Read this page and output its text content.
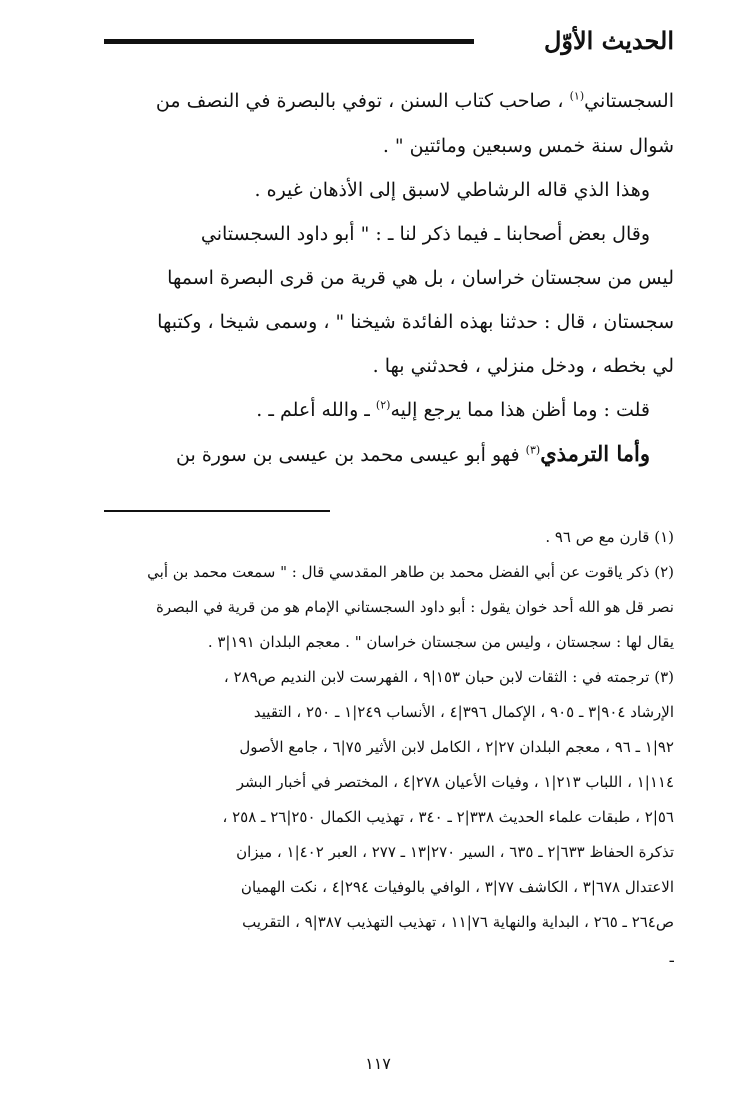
الحديث الأوّل

السجستاني$^{(١)}$ ، صاحب كتاب السنن ، توفي بالبصرة في النصف من

شوال سنة خمس وسبعين ومائتين " .

وهذا الذي قاله الرشاطي لاسبق إلى الأذهان غيره .

وقال بعض أصحابنا ـ فيما ذكر لنا ـ : " أبو داود السجستاني

ليس من سجستان خراسان ، بل هي قرية من قرى البصرة اسمها

سجستان ، قال : حدثنا بهذه الفائدة شيخنا " ، وسمى شيخا ، وكتبها

لي بخطه ، ودخل منزلي ، فحدثني بها .

قلت : وما أظن هذا مما يرجع إليه$^{(٢)}$ ـ والله أعلم ـ .

وأما الترمذي$^{(٣)}$ فهو أبو عيسى محمد بن عيسى بن سورة بن

(١) قارن مع ص ٩٦ .
(٢) ذكر ياقوت عن أبي الفضل محمد بن طاهر المقدسي قال : " سمعت محمد بن أبي
نصر قل هو الله أحد خوان يقول : أبو داود السجستاني الإمام هو من قرية في البصرة
يقال لها : سجستان ، وليس من سجستان خراسان " . معجم البلدان ١٩١|٣ .
(٣) ترجمته في : الثقات لابن حبان ١٥٣|٩ ، الفهرست لابن النديم ص٢٨٩ ،
الإرشاد ٩٠٤|٣ ـ ٩٠٥ ، الإكمال ٣٩٦|٤ ، الأنساب ٢٤٩|١ ـ ٢٥٠ ، التقييد
٩٢|١ ـ ٩٦ ، معجم البلدان ٢٧|٢ ، الكامل لابن الأثير ٧٥|٦ ، جامع الأصول
١١٤|١ ، اللباب ٢١٣|١ ، وفيات الأعيان ٢٧٨|٤ ، المختصر في أخبار البشر
٥٦|٢ ، طبقات علماء الحديث ٣٣٨|٢ ـ ٣٤٠ ، تهذيب الكمال ٢٥٠|٢٦ ـ ٢٥٨ ،
تذكرة الحفاظ ٦٣٣|٢ ـ ٦٣٥ ، السير ٢٧٠|١٣ ـ ٢٧٧ ، العبر ٤٠٢|١ ، ميزان
الاعتدال ٦٧٨|٣ ، الكاشف ٧٧|٣ ، الوافي بالوفيات ٢٩٤|٤ ، نكت الهميان
ص٢٦٤ ـ ٢٦٥ ، البداية والنهاية ٧٦|١١ ، تهذيب التهذيب ٣٨٧|٩ ، التقريب
ـ
١١٧
